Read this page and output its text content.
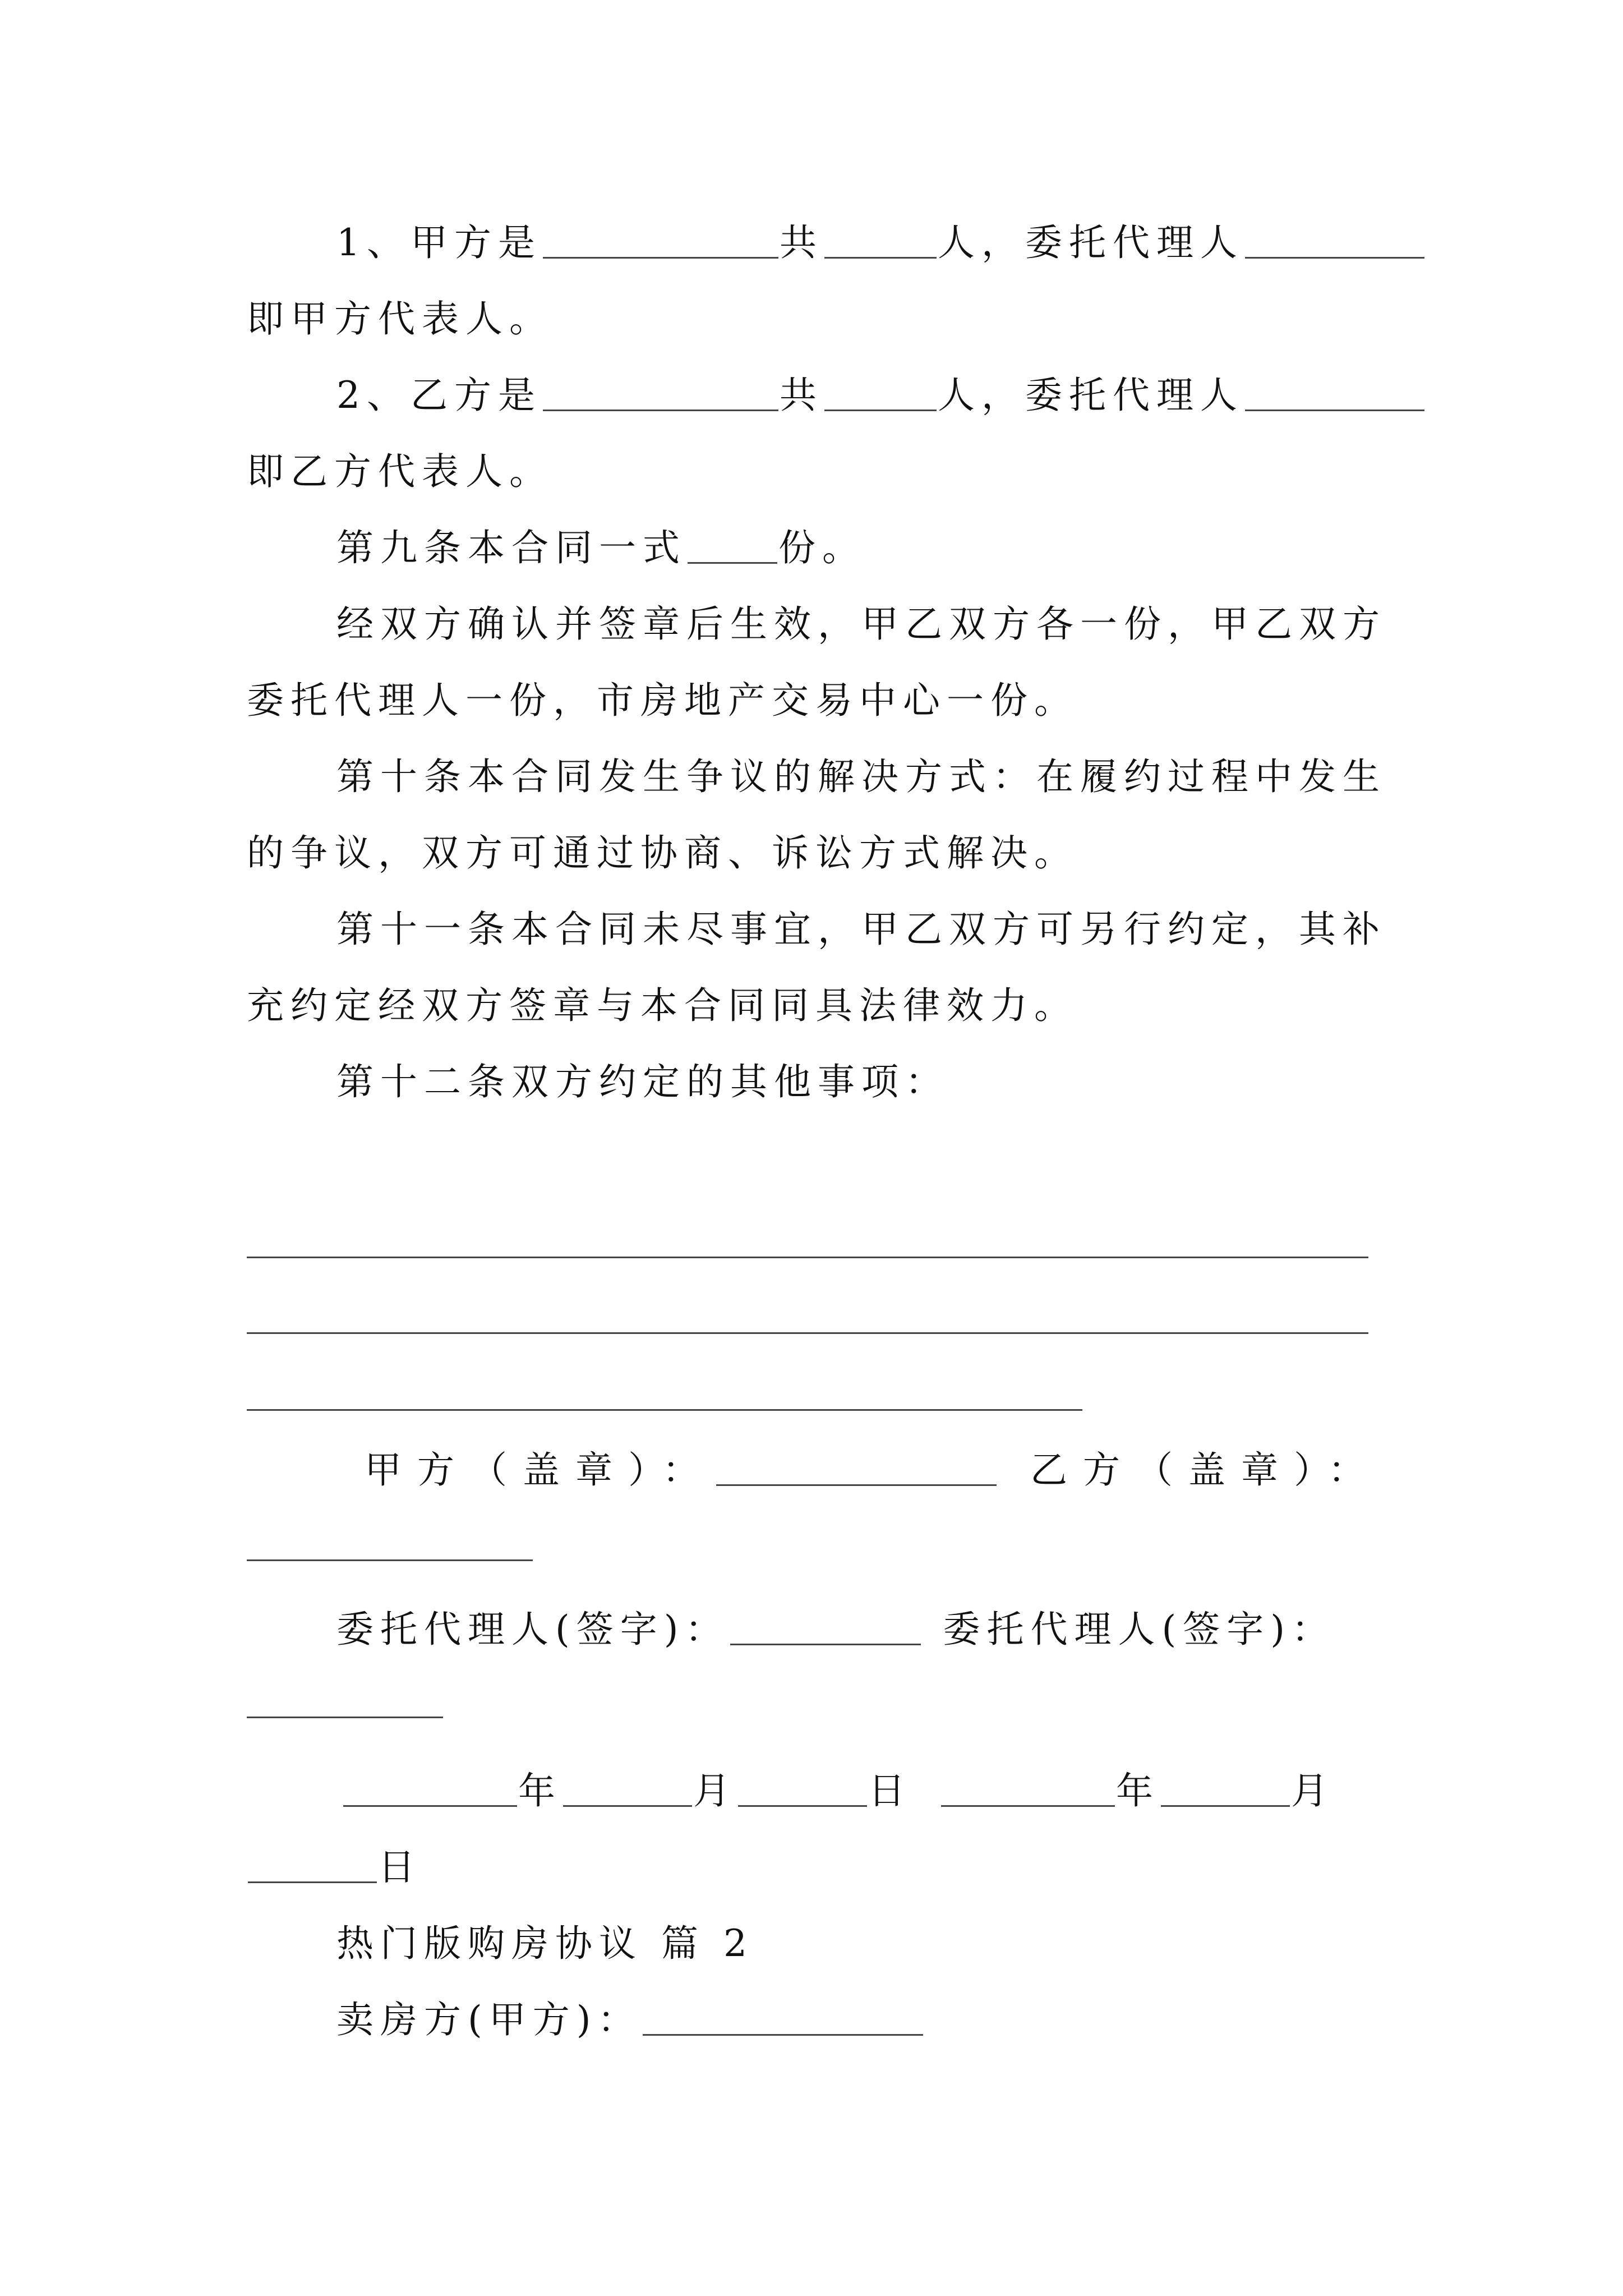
1、甲方是	共	人，委托代理人
即甲方代表人。
2、乙方是	共	人，委托代理人
即乙方代表人。
第九条本合同一式 份。
经双方确认并签章后生效，甲乙双方各一份，甲乙双方
委托代理人一份，市房地产交易中心一份。
第十条本合同发生争议的解决方式：在履约过程中发生
的争议，双方可通过协商、诉讼方式解决。
第十一条本合同未尽事宜，甲乙双方可另行约定，其补
充约定经双方签章与本合同同具法律效力。
第十二条双方约定的其他事项：
甲方（盖章）：	乙方（盖章）：
委托代理人(签字)：	委托代理人(签字)：
年	月	日	年	月
日
热门版购房协议 篇 2
卖房方(甲方)：
